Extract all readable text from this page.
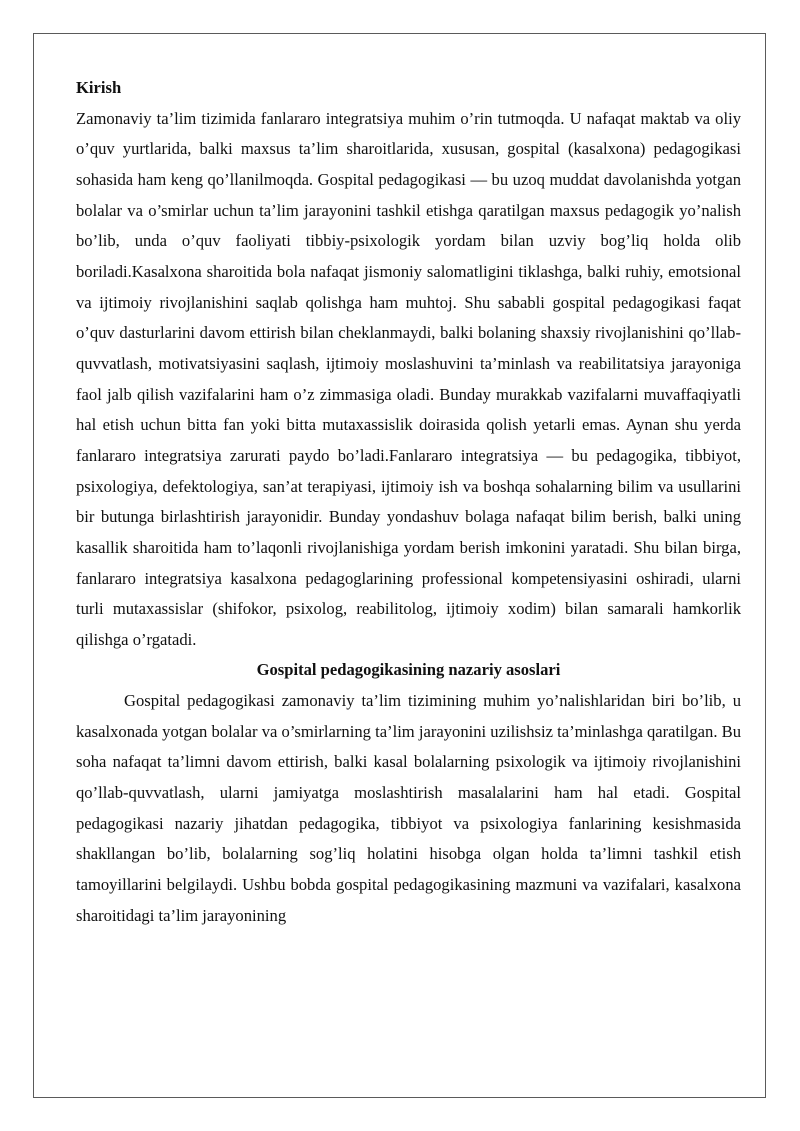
Kirish

Zamonaviy ta’lim tizimida fanlararo integratsiya muhim o’rin tutmoqda. U nafaqat maktab va oliy o’quv yurtlarida, balki maxsus ta’lim sharoitlarida, xususan, gospital (kasalxona) pedagogikasi sohasida ham keng qo’llanilmoqda. Gospital pedagogikasi — bu uzoq muddat davolanishda yotgan bolalar va o’smirlar uchun ta’lim jarayonini tashkil etishga qaratilgan maxsus pedagogik yo’nalish bo’lib, unda o’quv faoliyati tibbiy-psixologik yordam bilan uzviy bog’liq holda olib boriladi.Kasalxona sharoitida bola nafaqat jismoniy salomatligini tiklashga, balki ruhiy, emotsional va ijtimoiy rivojlanishini saqlab qolishga ham muhtoj. Shu sababli gospital pedagogikasi faqat o’quv dasturlarini davom ettirish bilan cheklanmaydi, balki bolaning shaxsiy rivojlanishini qo’llab-quvvatlash, motivatsiyasini saqlash, ijtimoiy moslashuvini ta’minlash va reabilitatsiya jarayoniga faol jalb qilish vazifalarini ham o’z zimmasiga oladi. Bunday murakkab vazifalarni muvaffaqiyatli hal etish uchun bitta fan yoki bitta mutaxassislik doirasida qolish yetarli emas. Aynan shu yerda fanlararo integratsiya zarurati paydo bo’ladi.Fanlararo integratsiya — bu pedagogika, tibbiyot, psixologiya, defektologiya, san’at terapiyasi, ijtimoiy ish va boshqa sohalarning bilim va usullarini bir butunga birlashtirish jarayonidir. Bunday yondashuv bolaga nafaqat bilim berish, balki uning kasallik sharoitida ham to’laqonli rivojlanishiga yordam berish imkonini yaratadi. Shu bilan birga, fanlararo integratsiya kasalxona pedagoglarining professional kompetensiyasini oshiradi, ularni turli mutaxassislar (shifokor, psixolog, reabilitolog, ijtimoiy xodim) bilan samarali hamkorlik qilishga o’rgatadi.

Gospital pedagogikasining nazariy asoslari

Gospital pedagogikasi zamonaviy ta’lim tizimining muhim yo’nalishlaridan biri bo’lib, u kasalxonada yotgan bolalar va o’smirlarning ta’lim jarayonini uzilishsiz ta’minlashga qaratilgan. Bu soha nafaqat ta’limni davom ettirish, balki kasal bolalarning psixologik va ijtimoiy rivojlanishini qo’llab-quvvatlash, ularni jamiyatga moslashtirish masalalarini ham hal etadi. Gospital pedagogikasi nazariy jihatdan pedagogika, tibbiyot va psixologiya fanlarining kesishmasida shakllangan bo’lib, bolalarning sog’liq holatini hisobga olgan holda ta’limni tashkil etish tamoyillarini belgilaydi. Ushbu bobda gospital pedagogikasining mazmuni va vazifalari, kasalxona sharoitidagi ta’lim jarayonining
